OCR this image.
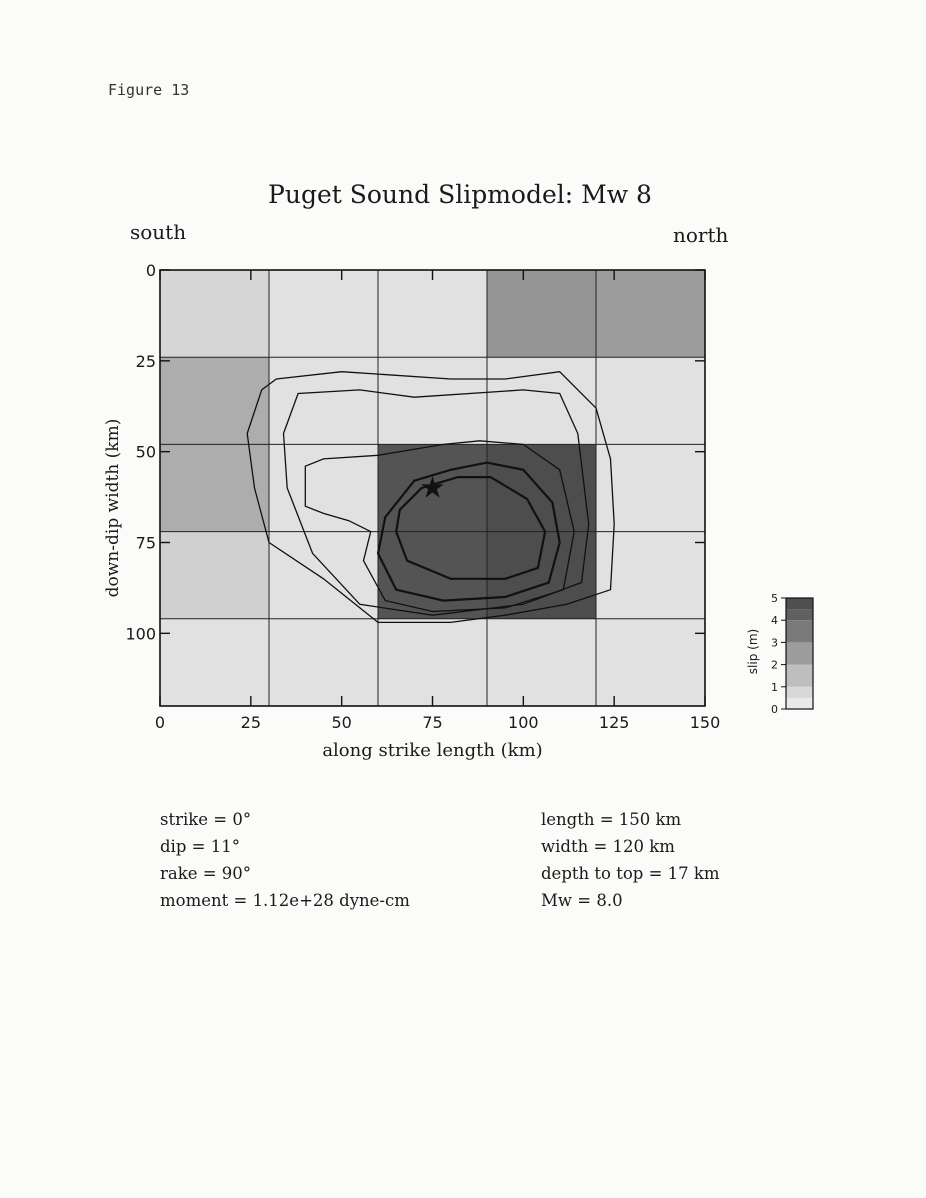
Figure 13
Puget Sound Slipmodel: Mw 8
south	north
0	25	50	75	100	125	150
0
25
50
75
100
along strike length (km)
down-dip width (km)
0
1
2
3
4
5
slip (m)
strike = 0°
dip = 11°
rake = 90°
moment = 1.12e+28 dyne-cm
length = 150 km
width = 120 km
depth to top = 17 km
Mw = 8.0
